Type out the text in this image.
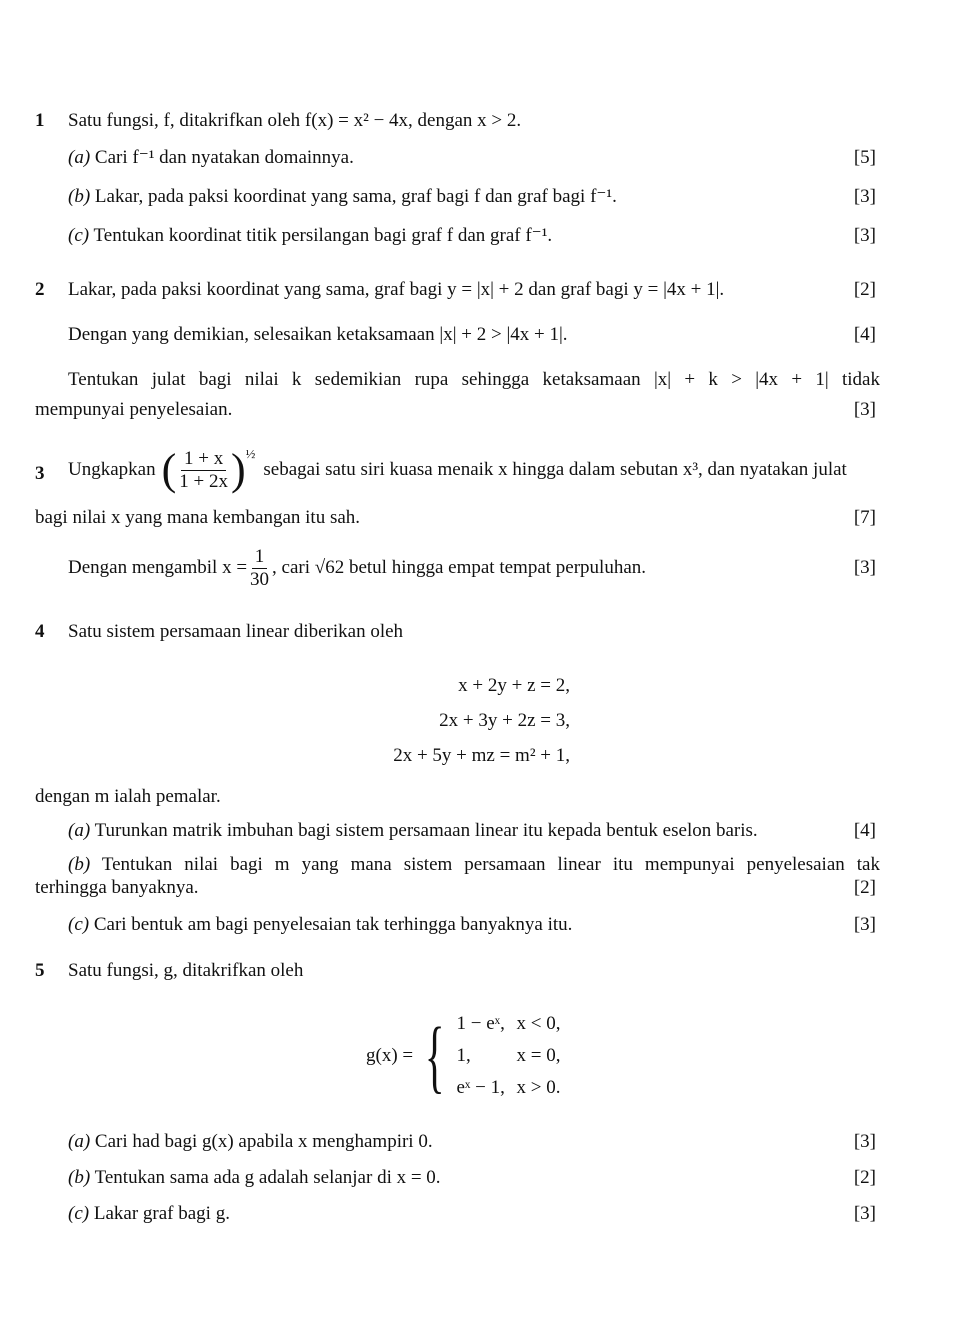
1 Satu fungsi, f, ditakrifkan oleh f(x) = x² − 4x, dengan x > 2.
(a) Cari f⁻¹ dan nyatakan domainnya.	[5]
(b) Lakar, pada paksi koordinat yang sama, graf bagi f dan graf bagi f⁻¹.	[3]
(c) Tentukan koordinat titik persilangan bagi graf f dan graf f⁻¹.	[3]
2 Lakar, pada paksi koordinat yang sama, graf bagi y = |x| + 2 dan graf bagi y = |4x + 1|.	[2]
Dengan yang demikian, selesaikan ketaksamaan |x| + 2 > |4x + 1|.	[4]
Tentukan julat bagi nilai k sedemikian rupa sehingga ketaksamaan |x| + k > |4x + 1| tidak
mempunyai penyelesaian.	[3]
3 Ungkapkan ( $\frac{1 + x}{1 + 2x} )^{\frac{1}{2}}$
sebagai satu siri kuasa menaik x hingga dalam sebutan x³, dan nyatakan julat
bagi nilai x yang mana kembangan itu sah.	[7]
Dengan mengambil $x = \frac{1}{30}$ , cari √62
betul hingga empat tempat perpuluhan.	[3]
4 Satu sistem persamaan linear diberikan oleh
x + 2y + z = 2,
2x + 3y + 2z = 3,
2x + 5y + mz = m² + 1,
dengan m ialah pemalar.
(a) Turunkan matrik imbuhan bagi sistem persamaan linear itu kepada bentuk eselon baris.	[4]
(b) Tentukan nilai bagi m yang mana sistem persamaan linear itu mempunyai penyelesaian tak
terhingga banyaknya.	[2]
(c) Cari bentuk am bagi penyelesaian tak terhingga banyaknya itu.	[3]
5 Satu fungsi, g, ditakrifkan oleh
g(x) = { 1 − eˣ, x < 0,
1,	x = 0,
eˣ − 1, x > 0.
(a) Cari had bagi g(x) apabila x menghampiri 0.	[3]
(b) Tentukan sama ada g adalah selanjar di x = 0.	[2]
(c) Lakar graf bagi g.	[3]
